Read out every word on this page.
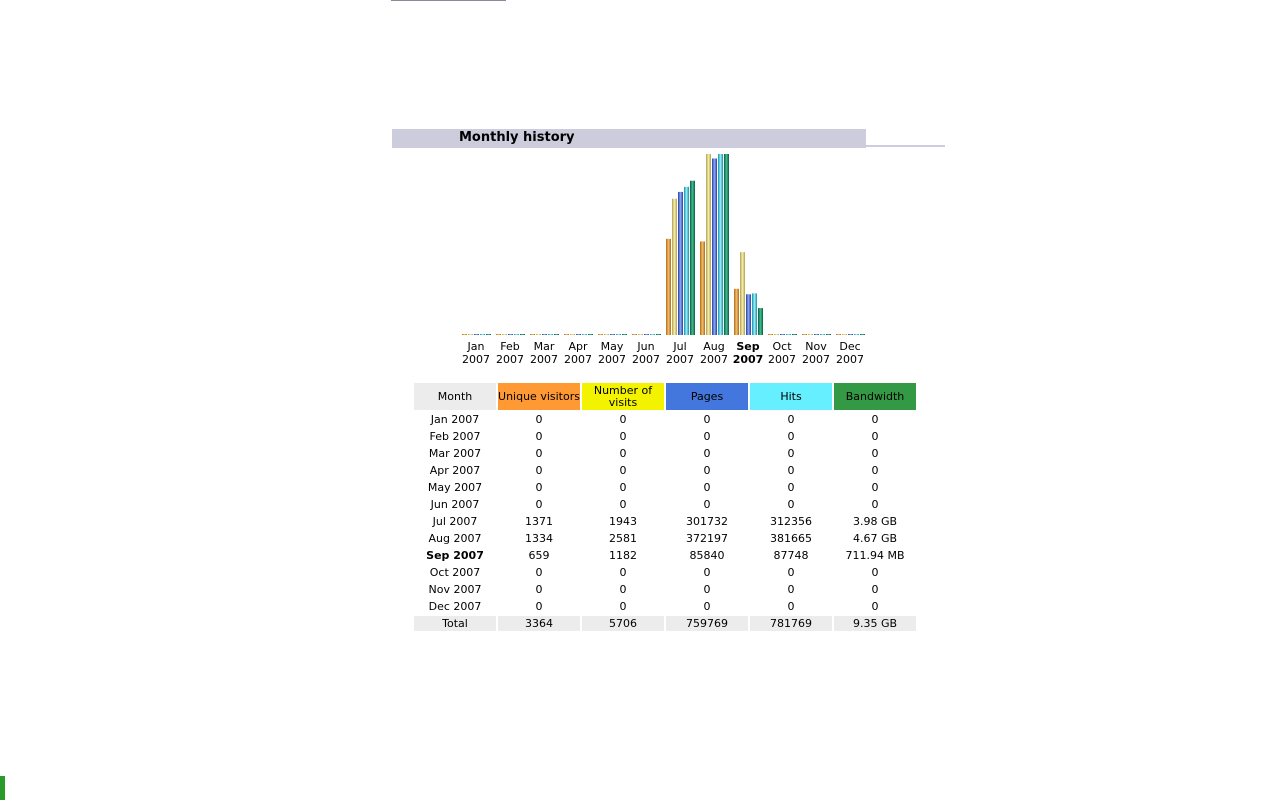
Monthly history
Jan
2007
Feb
2007
Mar
2007
Apr
2007
May
2007
Jun
2007
Jul
2007
Aug
2007
Sep
2007
Oct
2007
Nov
2007
Dec
2007
Month	Unique visitors	Number of visits	Pages	Hits	Bandwidth
Jan 2007	0	0	0	0	0
Feb 2007	0	0	0	0	0
Mar 2007	0	0	0	0	0
Apr 2007	0	0	0	0	0
May 2007	0	0	0	0	0
Jun 2007	0	0	0	0	0
Jul 2007	1371	1943	301732	312356	3.98 GB
Aug 2007	1334	2581	372197	381665	4.67 GB
Sep 2007	659	1182	85840	87748	711.94 MB
Oct 2007	0	0	0	0	0
Nov 2007	0	0	0	0	0
Dec 2007	0	0	0	0	0
Total	3364	5706	759769	781769	9.35 GB
